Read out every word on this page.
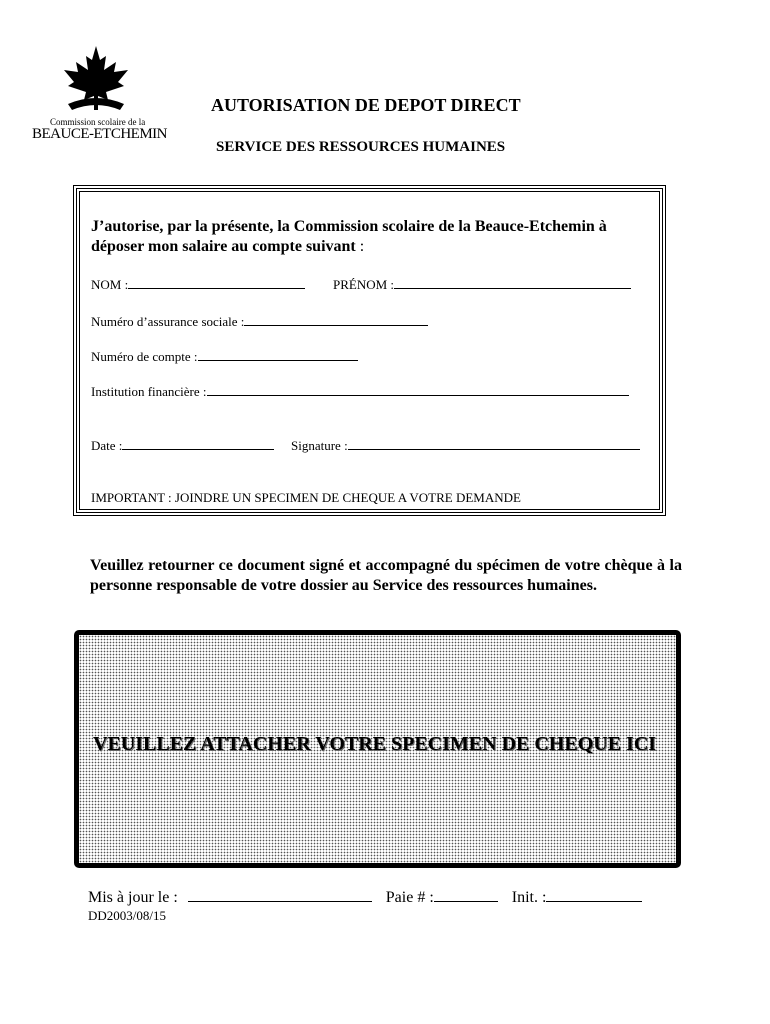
Commission scolaire de la
BEAUCE-ETCHEMIN
AUTORISATION DE DEPOT DIRECT
SERVICE DES RESSOURCES HUMAINES
J’autorise, par la présente, la Commission scolaire de la Beauce-Etchemin à déposer mon salaire au compte suivant :
NOM :	PRÉNOM :
Numéro d’assurance sociale :
Numéro de compte :
Institution financière :
Date :	Signature :
IMPORTANT : JOINDRE UN SPECIMEN DE CHEQUE A VOTRE DEMANDE
Veuillez retourner ce document signé et accompagné du spécimen de votre chèque à la personne responsable de votre dossier au Service des ressources humaines.
VEUILLEZ ATTACHER VOTRE SPECIMEN DE CHEQUE ICI
Mis à jour le :	Paie # :	Init. :
DD2003/08/15
